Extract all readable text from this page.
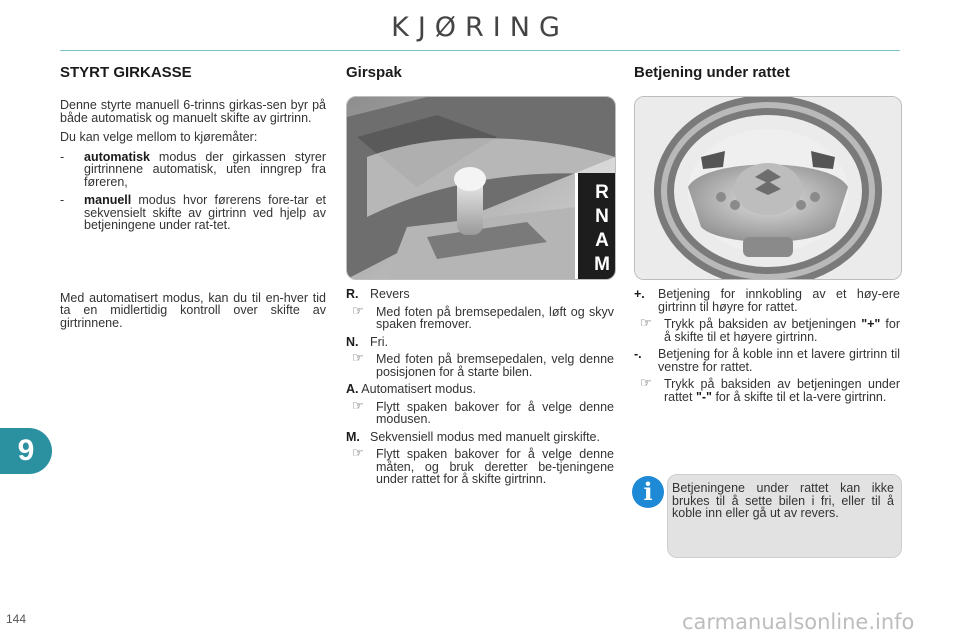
KJØRING
STYRT GIRKASSE
Denne styrte manuell 6-trinns girkas-sen byr på både automatisk og manuelt skifte av girtrinn.
Du kan velge mellom to kjøremåter:
- automatisk modus der girkassen styrer girtrinnene automatisk, uten inngrep fra føreren,
- manuell modus hvor førerens fore-tar et sekvensielt skifte av girtrinn ved hjelp av betjeningene under rat-tet.
Med automatisert modus, kan du til en-hver tid ta en midlertidig kontroll over skifte av girtrinnene.
Girspak
R
N
A
M
R. Revers
☞ Med foten på bremsepedalen, løft og skyv spaken fremover.
N. Fri.
☞ Med foten på bremsepedalen, velg denne posisjonen for å starte bilen.
A. Automatisert modus.
☞ Flytt spaken bakover for å velge denne modusen.
M. Sekvensiell modus med manuelt girskifte.
☞ Flytt spaken bakover for å velge denne måten, og bruk deretter be-tjeningene under rattet for å skifte girtrinn.
Betjening under rattet
+. Betjening for innkobling av et høy-ere girtrinn til høyre for rattet.
☞ Trykk på baksiden av betjeningen "+" for å skifte til et høyere girtrinn.
-. Betjening for å koble inn et lavere girtrinn til venstre for rattet.
☞ Trykk på baksiden av betjeningen under rattet "-" for å skifte til et la-vere girtrinn.
i	Betjeningene under rattet kan ikke brukes til å sette bilen i fri, eller til å koble inn eller gå ut av revers.
9
144	carmanualsonline.info
